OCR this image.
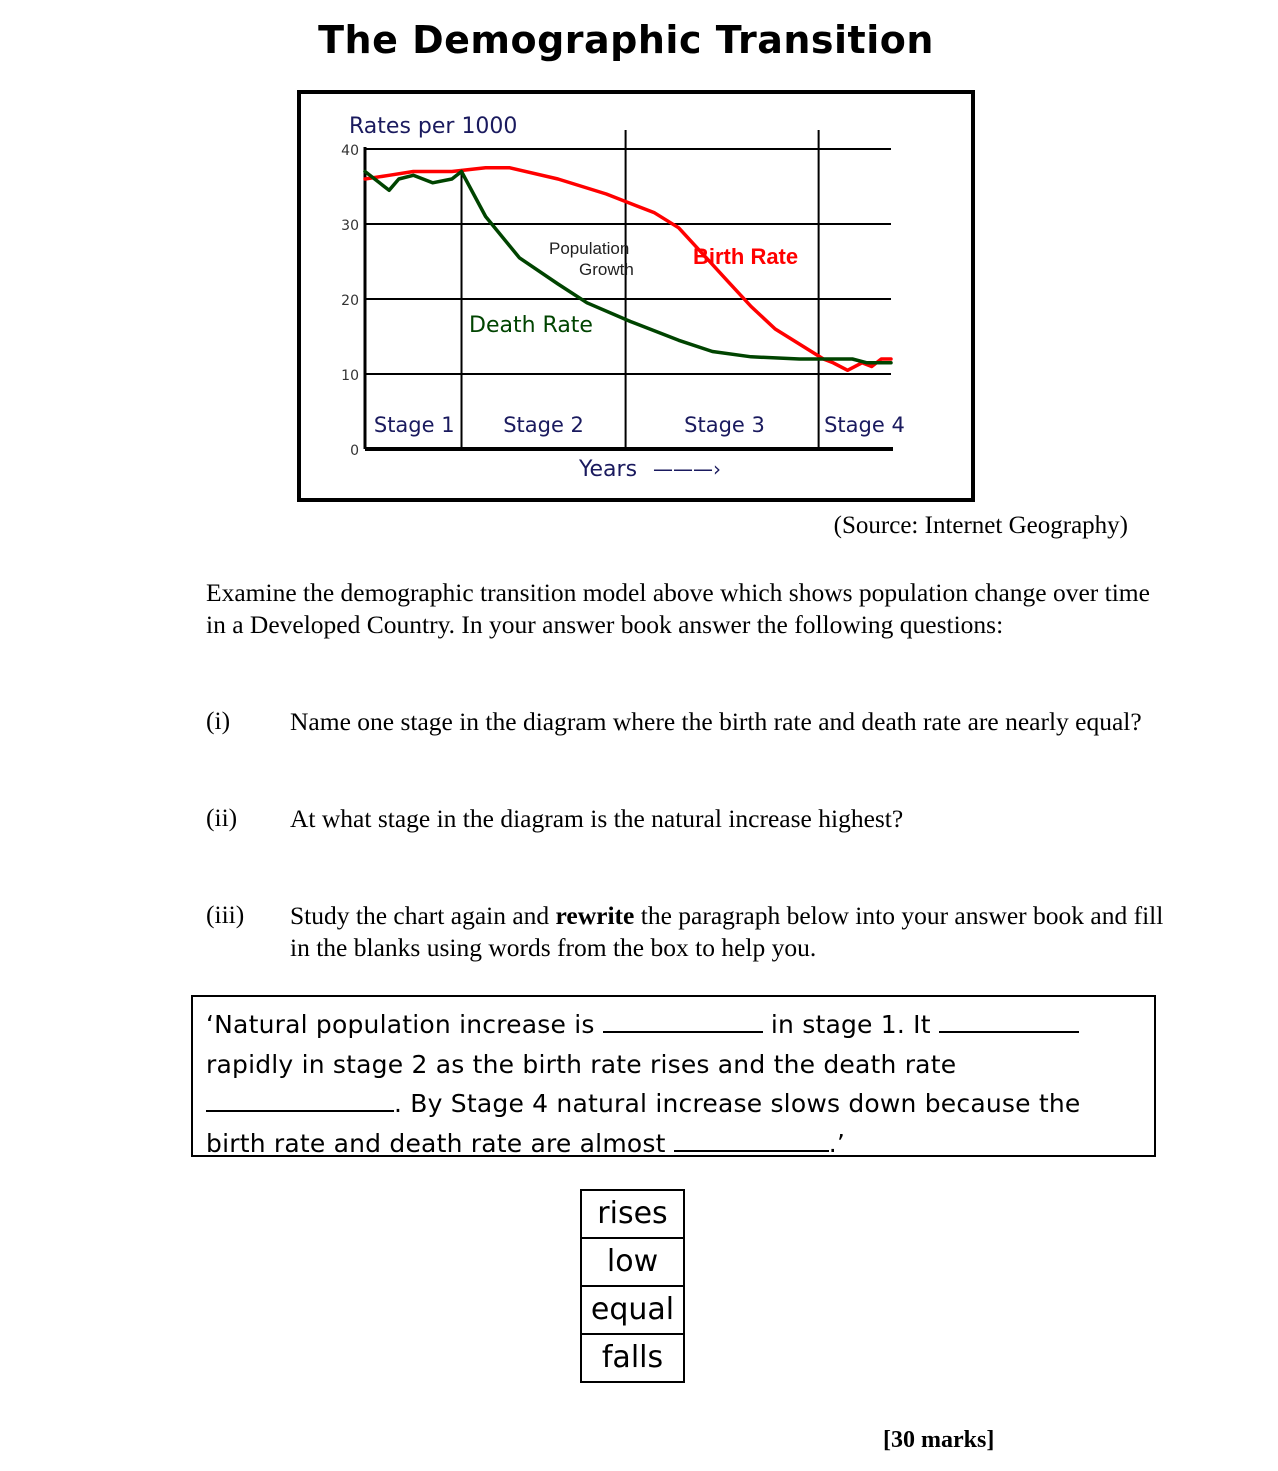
The Demographic Transition
0
10
20
30
40
Stage 1 Stage 2	Stage 3	Stage 4
Rates per 1000
Years ———›
Birth Rate
Death Rate
Population
Growth
(Source: Internet Geography)
Examine the demographic transition model above which shows population change over time in a Developed Country. In your answer book answer the following questions:
(i) Name one stage in the diagram where the birth rate and death rate are nearly equal?
(ii) At what stage in the diagram is the natural increase highest?
(iii) Study the chart again and rewrite the paragraph below into your answer book and fill in the blanks using words from the box to help you.
‘Natural population increase is	in stage 1. It
rapidly in stage 2 as the birth rate rises and the death rate
. By Stage 4 natural increase slows down because the
birth rate and death rate are almost	.’
rises
low
equal
falls
[30 marks]
